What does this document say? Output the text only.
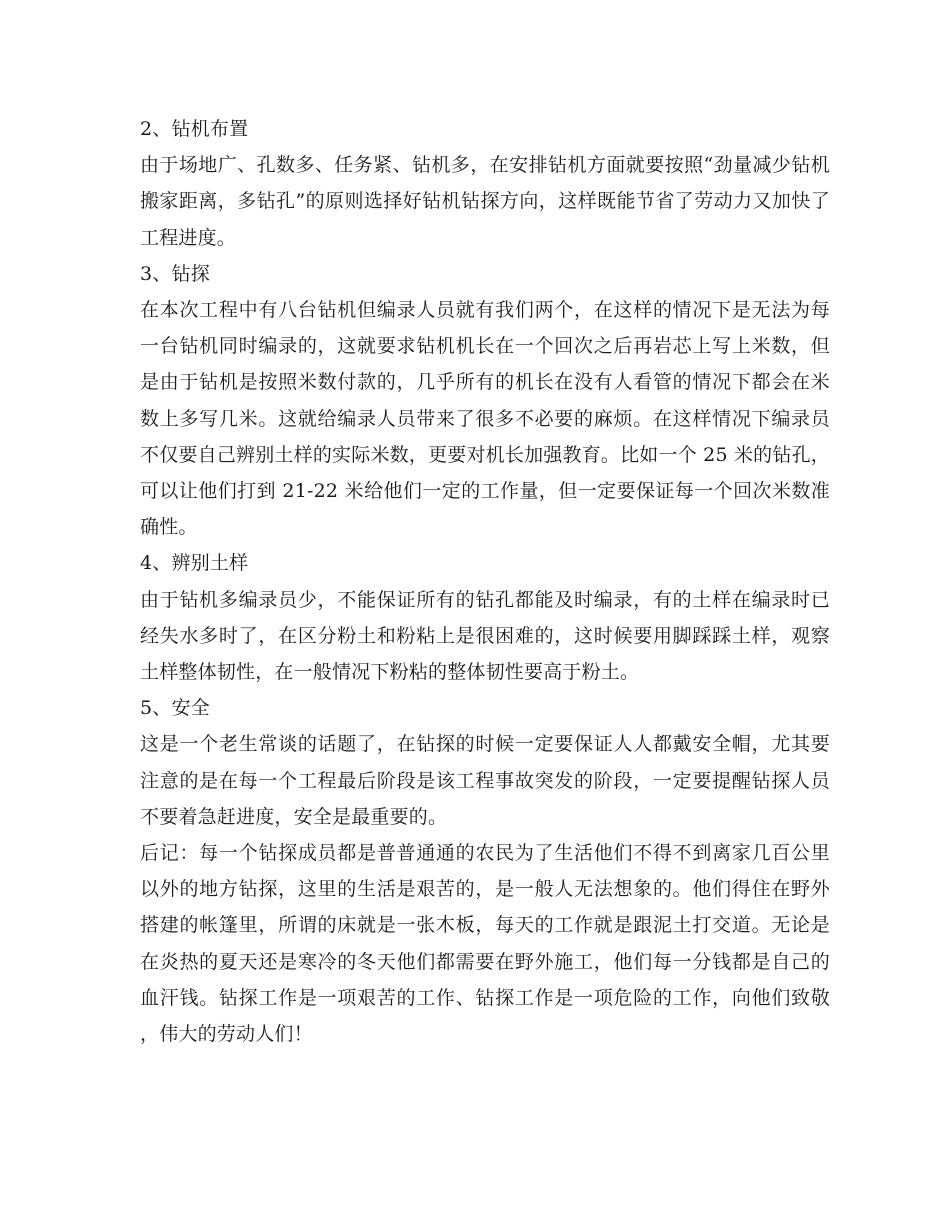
2、钻机布置

由于场地广、孔数多、任务紧、钻机多，在安排钻机方面就要按照“劲量减少钻机搬家距离，多钻孔”的原则选择好钻机钻探方向，这样既能节省了劳动力又加快了工程进度。

3、钻探

在本次工程中有八台钻机但编录人员就有我们两个，在这样的情况下是无法为每一台钻机同时编录的，这就要求钻机机长在一个回次之后再岩芯上写上米数，但是由于钻机是按照米数付款的，几乎所有的机长在没有人看管的情况下都会在米数上多写几米。这就给编录人员带来了很多不必要的麻烦。在这样情况下编录员不仅要自己辨别土样的实际米数，更要对机长加强教育。比如一个 25 米的钻孔，可以让他们打到 21-22 米给他们一定的工作量，但一定要保证每一个回次米数准确性。

4、辨别土样

由于钻机多编录员少，不能保证所有的钻孔都能及时编录，有的土样在编录时已经失水多时了，在区分粉土和粉粘上是很困难的，这时候要用脚踩踩土样，观察土样整体韧性，在一般情况下粉粘的整体韧性要高于粉土。

5、安全

这是一个老生常谈的话题了，在钻探的时候一定要保证人人都戴安全帽，尤其要注意的是在每一个工程最后阶段是该工程事故突发的阶段，一定要提醒钻探人员不要着急赶进度，安全是最重要的。

后记：每一个钻探成员都是普普通通的农民为了生活他们不得不到离家几百公里以外的地方钻探，这里的生活是艰苦的，是一般人无法想象的。他们得住在野外搭建的帐篷里，所谓的床就是一张木板，每天的工作就是跟泥土打交道。无论是在炎热的夏天还是寒冷的冬天他们都需要在野外施工，他们每一分钱都是自己的血汗钱。钻探工作是一项艰苦的工作、钻探工作是一项危险的工作，向他们致敬，伟大的劳动人们！
